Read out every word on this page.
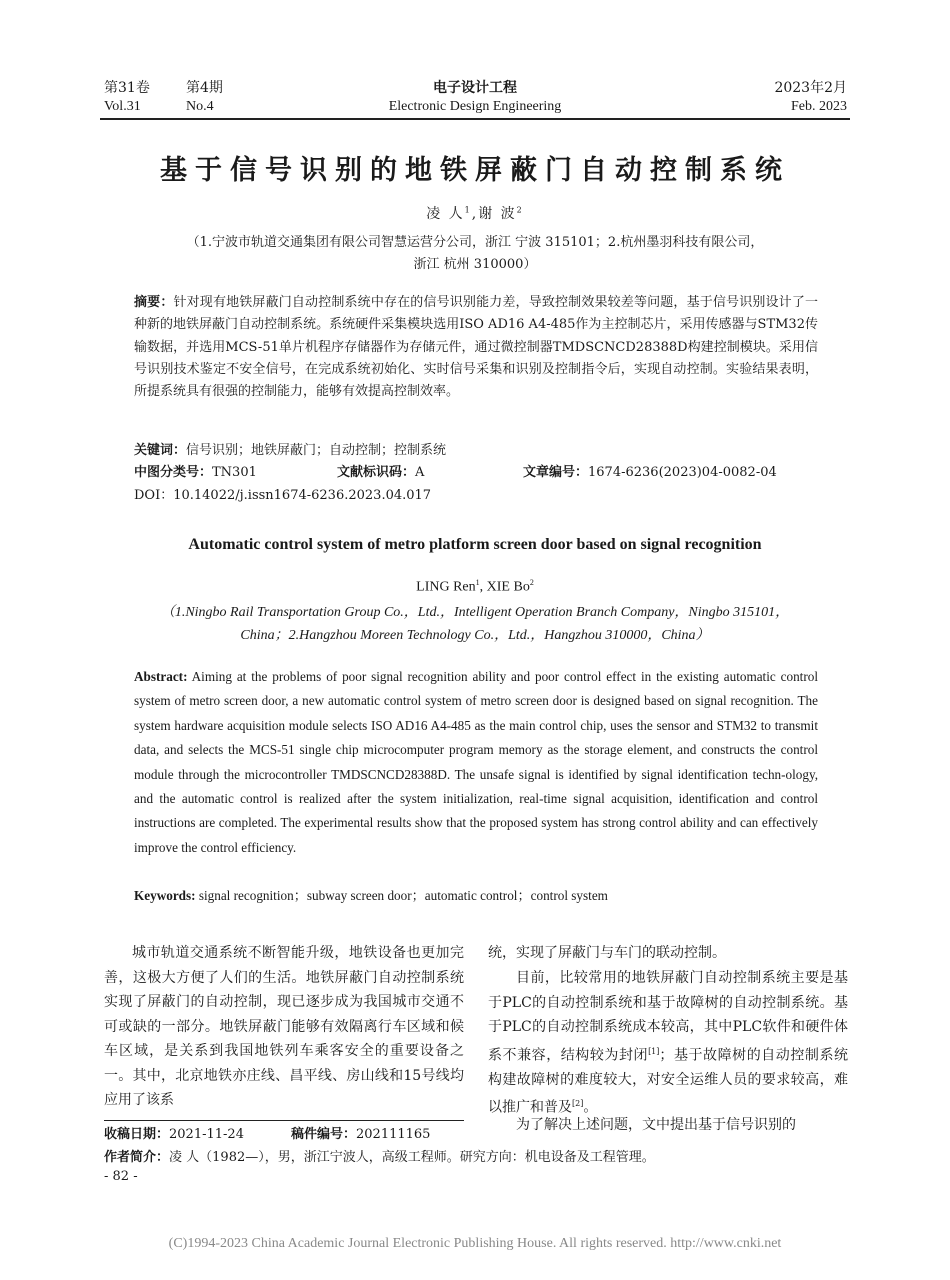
第31卷	第4期	电子设计工程	2023年2月
Vol.31	No.4	Electronic Design Engineering	Feb. 2023
基于信号识别的地铁屏蔽门自动控制系统
凌 人$^1$,谢 波$^2$
（1.宁波市轨道交通集团有限公司智慧运营分公司，浙江 宁波 315101；2.杭州墨羽科技有限公司，
浙江 杭州 310000）
摘要：针对现有地铁屏蔽门自动控制系统中存在的信号识别能力差，导致控制效果较差等问题，基于信号识别设计了一种新的地铁屏蔽门自动控制系统。系统硬件采集模块选用ISO AD16 A4-485作为主控制芯片，采用传感器与STM32传输数据，并选用MCS-51单片机程序存储器作为存储元件，通过微控制器TMDSCNCD28388D构建控制模块。采用信号识别技术鉴定不安全信号，在完成系统初始化、实时信号采集和识别及控制指令后，实现自动控制。实验结果表明，所提系统具有很强的控制能力，能够有效提高控制效率。
关键词：信号识别；地铁屏蔽门；自动控制；控制系统
中图分类号：TN301	文献标识码：A	文章编号：1674-6236(2023)04-0082-04
DOI：10.14022/j.issn1674-6236.2023.04.017
Automatic control system of metro platform screen door based on signal recognition
LING Ren$^1$, XIE Bo$^2$
（1.Ningbo Rail Transportation Group Co.，Ltd.，Intelligent Operation Branch Company，Ningbo 315101，
China；2.Hangzhou Moreen Technology Co.，Ltd.，Hangzhou 310000，China）
Abstract: Aiming at the problems of poor signal recognition ability and poor control effect in the existing automatic control system of metro screen door, a new automatic control system of metro screen door is designed based on signal recognition. The system hardware acquisition module selects ISO AD16 A4-485 as the main control chip, uses the sensor and STM32 to transmit data, and selects the MCS-51 single chip microcomputer program memory as the storage element, and constructs the control module through the microcontroller TMDSCNCD28388D. The unsafe signal is identified by signal identification techn-ology, and the automatic control is realized after the system initialization, real-time signal acquisition, identification and control instructions are completed. The experimental results show that the proposed system has strong control ability and can effectively improve the control efficiency.
Keywords: signal recognition；subway screen door；automatic control；control system
城市轨道交通系统不断智能升级，地铁设备也更加完善，这极大方便了人们的生活。地铁屏蔽门自动控制系统实现了屏蔽门的自动控制，现已逐步成为我国城市交通不可或缺的一部分。地铁屏蔽门能够有效隔离行车区域和候车区域，是关系到我国地铁列车乘客安全的重要设备之一。其中，北京地铁亦庄线、昌平线、房山线和15号线均应用了该系
统，实现了屏蔽门与车门的联动控制。
目前，比较常用的地铁屏蔽门自动控制系统主要是基于PLC的自动控制系统和基于故障树的自动控制系统。基于PLC的自动控制系统成本较高，其中PLC软件和硬件体系不兼容，结构较为封闭[1]；基于故障树的自动控制系统构建故障树的难度较大，对安全运维人员的要求较高，难以推广和普及[2]。
为了解决上述问题，文中提出基于信号识别的
收稿日期：2021-11-24	稿件编号：202111165
作者简介：凌 人（1982—），男，浙江宁波人，高级工程师。研究方向：机电设备及工程管理。
- 82 -
(C)1994-2023 China Academic Journal Electronic Publishing House. All rights reserved. http://www.cnki.net
